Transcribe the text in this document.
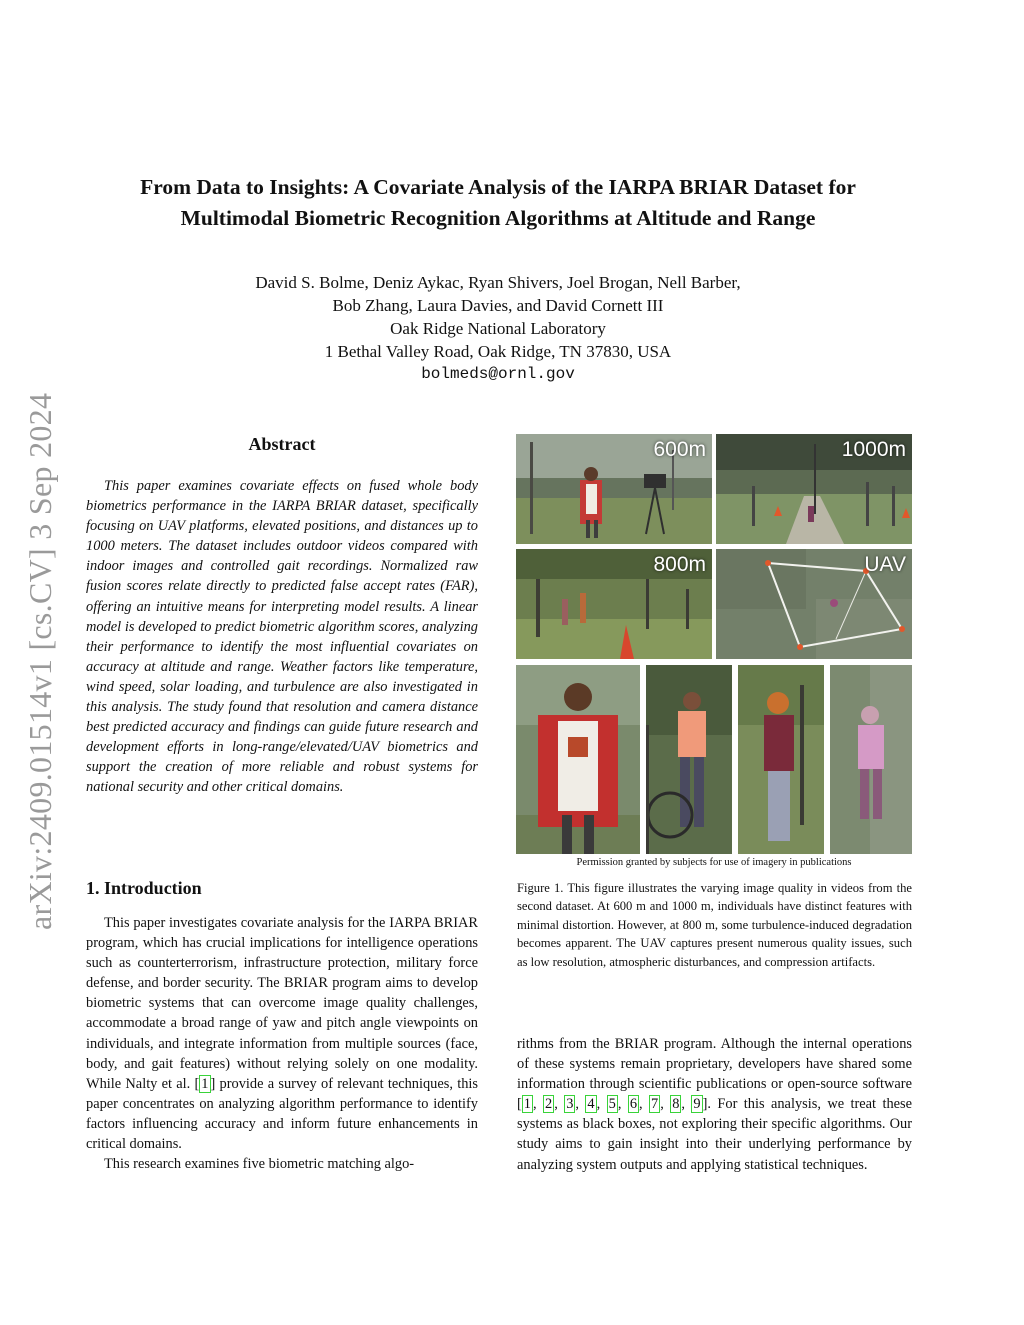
arXiv:2409.01514v1 [cs.CV] 3 Sep 2024
From Data to Insights: A Covariate Analysis of the IARPA BRIAR Dataset for
Multimodal Biometric Recognition Algorithms at Altitude and Range
David S. Bolme, Deniz Aykac, Ryan Shivers, Joel Brogan, Nell Barber,
Bob Zhang, Laura Davies, and David Cornett III
Oak Ridge National Laboratory
1 Bethal Valley Road, Oak Ridge, TN 37830, USA
bolmeds@ornl.gov
Abstract

This paper examines covariate effects on fused whole body biometrics performance in the IARPA BRIAR dataset, specifically focusing on UAV platforms, elevated positions, and distances up to 1000 meters. The dataset includes outdoor videos compared with indoor images and controlled gait recordings. Normalized raw fusion scores relate directly to predicted false accept rates (FAR), offering an intuitive means for interpreting model results. A linear model is developed to predict biometric algorithm scores, analyzing their performance to identify the most influential covariates on accuracy at altitude and range. Weather factors like temperature, wind speed, solar loading, and turbulence are also investigated in this analysis. The study found that resolution and camera distance best predicted accuracy and findings can guide future research and development efforts in long-range/elevated/UAV biometrics and support the creation of more reliable and robust systems for national security and other critical domains.

1. Introduction

This paper investigates covariate analysis for the IARPA BRIAR program, which has crucial implications for intelligence operations such as counterterrorism, infrastructure protection, military force defense, and border security. The BRIAR program aims to develop biometric systems that can overcome image quality challenges, accommodate a broad range of yaw and pitch angle viewpoints on individuals, and integrate information from multiple sources (face, body, and gait features) without relying solely on one modality. While Nalty et al. [ 1 ] provide a survey of relevant techniques, this paper concentrates on analyzing algorithm performance to identify factors influencing accuracy and inform future enhancements in critical domains.

This research examines five biometric matching algo-

600m	1000m
800m	UAV
Permission granted by subjects for use of imagery in publications

Figure 1. This figure illustrates the varying image quality in videos from the second dataset. At 600 m and 1000 m, individuals have distinct features with minimal distortion. However, at 800 m, some turbulence-induced degradation becomes apparent. The UAV captures present numerous quality issues, such as low resolution, atmospheric disturbances, and compression artifacts.

rithms from the BRIAR program. Although the internal operations of these systems remain proprietary, developers have shared some information through scientific publications or open-source software [ 1 , 2 , 3 , 4 , 5 , 6 , 7 , 8 , 9 ]. For this analysis, we treat these systems as black boxes, not exploring their specific algorithms. Our study aims to gain insight into their underlying performance by analyzing system outputs and applying statistical techniques.
